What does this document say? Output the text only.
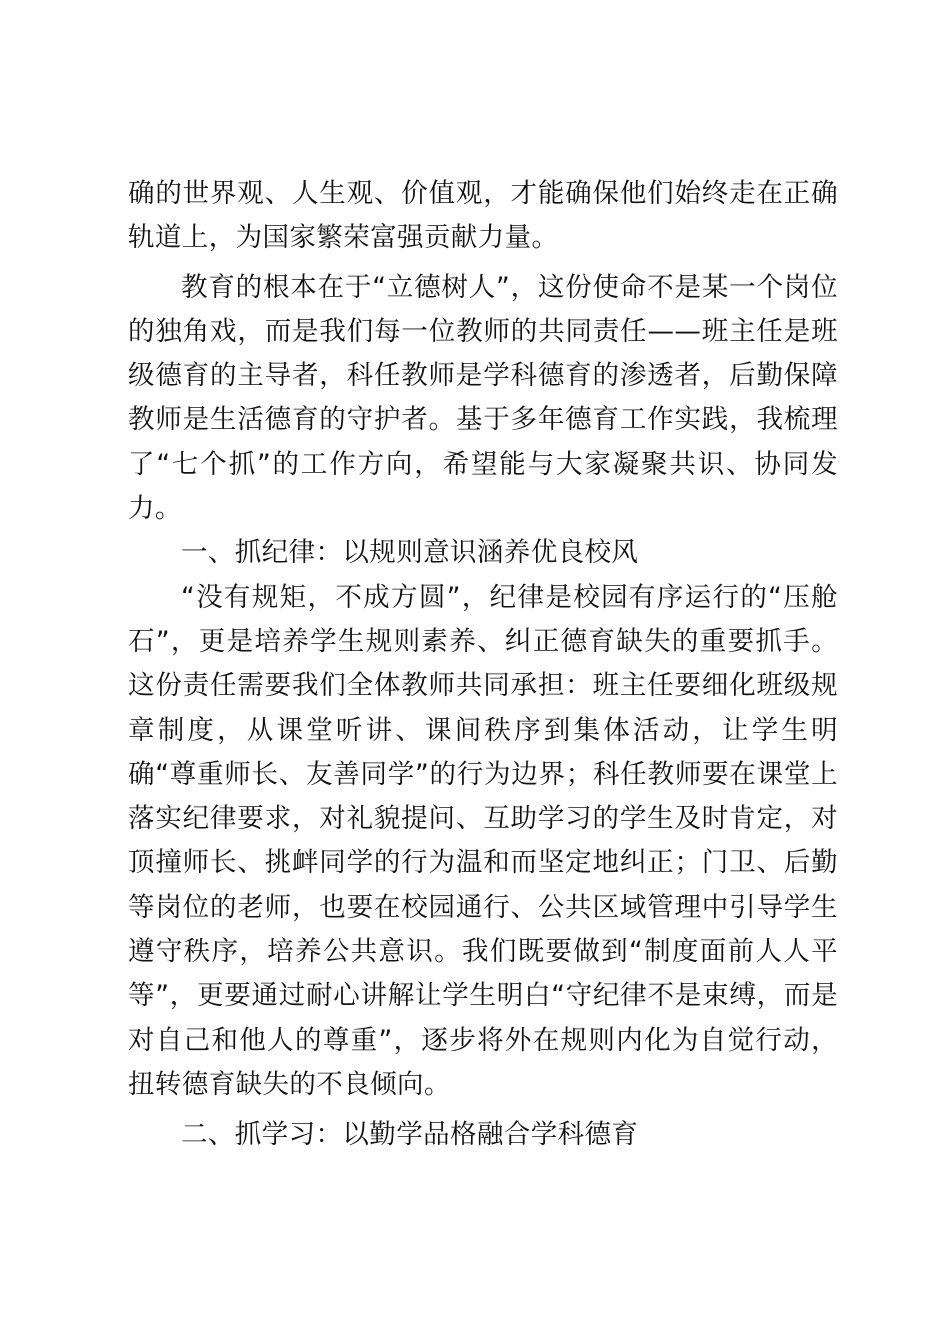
确的世界观、人生观、价值观，才能确保他们始终走在正确轨道上，为国家繁荣富强贡献力量。

教育的根本在于“立德树人”，这份使命不是某一个岗位的独角戏，而是我们每一位教师的共同责任——班主任是班级德育的主导者，科任教师是学科德育的渗透者，后勤保障教师是生活德育的守护者。基于多年德育工作实践，我梳理了“七个抓”的工作方向，希望能与大家凝聚共识、协同发力。

一、抓纪律：以规则意识涵养优良校风

“没有规矩，不成方圆”，纪律是校园有序运行的“压舱石”，更是培养学生规则素养、纠正德育缺失的重要抓手。这份责任需要我们全体教师共同承担：班主任要细化班级规章制度，从课堂听讲、课间秩序到集体活动，让学生明确“尊重师长、友善同学”的行为边界；科任教师要在课堂上落实纪律要求，对礼貌提问、互助学习的学生及时肯定，对顶撞师长、挑衅同学的行为温和而坚定地纠正；门卫、后勤等岗位的老师，也要在校园通行、公共区域管理中引导学生遵守秩序，培养公共意识。我们既要做到“制度面前人人平等”，更要通过耐心讲解让学生明白“守纪律不是束缚，而是对自己和他人的尊重”，逐步将外在规则内化为自觉行动，扭转德育缺失的不良倾向。

二、抓学习：以勤学品格融合学科德育
